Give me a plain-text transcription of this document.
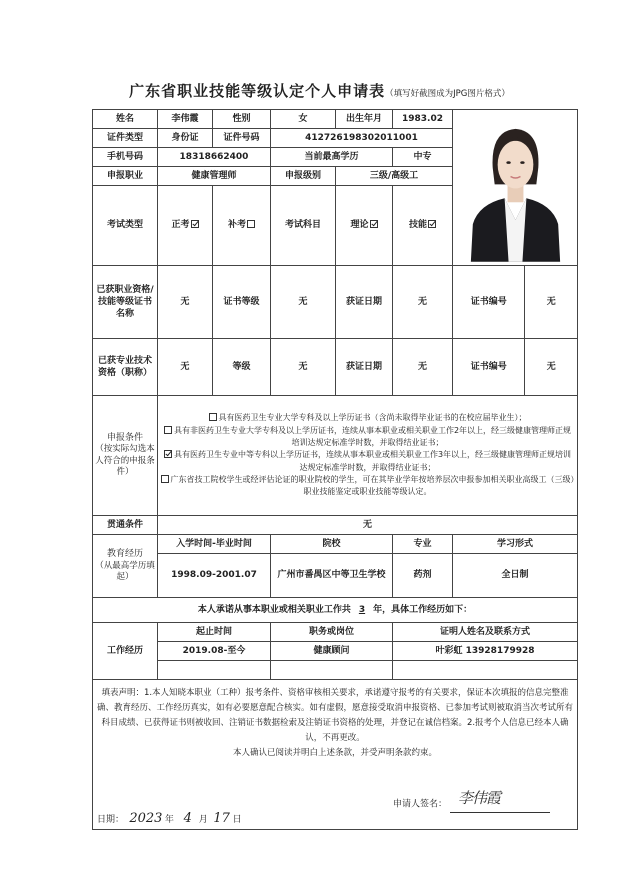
广东省职业技能等级认定个人申请表（填写好截图成为JPG图片格式）
姓名	李伟霞	性别	女	出生年月	1983.02	

证件类型	身份证	证件号码	412726198302011001
手机号码	18318662400	当前最高学历	中专
申报职业	健康管理师	申报级别	三级/高级工
考试类型	正考	补考	考试科目	理论	技能
已获职业资格/技能等级证书名称	无	证书等级	无	获证日期	无		证书编号	无

已获专业技术资格（职称）	无	等级	无	获证日期	无		证书编号	无

申报条件
（按实际勾选本人符合的申报条件）

具有医药卫生专业大学专科及以上学历证书（含尚未取得毕业证书的在校应届毕业生）；
具有非医药卫生专业大学专科及以上学历证书，连续从事本职业或相关职业工作2年以上，经三级健康管理师正规培训达规定标准学时数，并取得结业证书；
具有医药卫生专业中等专科以上学历证书，连续从事本职业或相关职业工作3年以上，经三级健康管理师正规培训达规定标准学时数，并取得结业证书；
广东省技工院校学生或经评估论证的职业院校的学生，可在其毕业学年按培养层次申报参加相关职业高级工（三级）职业技能鉴定或职业技能等级认定。

贯通条件	无

教育经历
（从最高学历填起）
	入学时间-毕业时间	院校	专业	学习形式
1998.09-2001.07	广州市番禺区中等卫生学校	药剂	全日制
本人承诺从事本职业或相关职业工作共 3 年，具体工作经历如下：
工作经历	起止时间	职务或岗位	证明人姓名及联系方式
2019.08-至今	健康顾问	叶彩虹 13928179928

填表声明：1.本人知晓本职业（工种）报考条件、资格审核相关要求，承诺遵守报考的有关要求，保证本次填报的信息完整准确、教育经历、工作经历真实，如有必要愿意配合核实。如有虚假，愿意接受取消申报资格、已参加考试则被取消当次考试所有科目成绩、已获得证书则被收回、注销证书数据检索及注销证书资格的处理，并登记在诚信档案。2.报考个人信息已经本人确认，不再更改。
本人确认已阅读并明白上述条款，并受声明条款约束。
申请人签名： 李伟霞
日期： 2023 年 4 月 17 日
